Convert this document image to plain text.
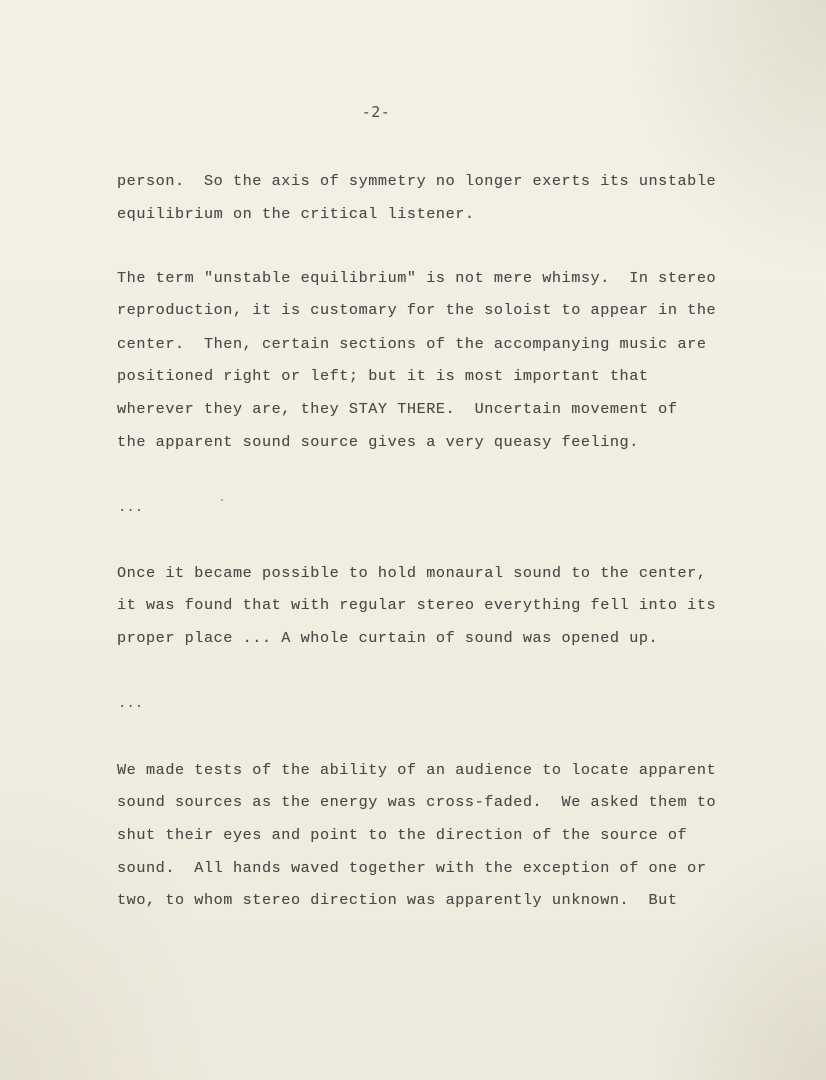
-2-
person.  So the axis of symmetry no longer exerts its unstable
equilibrium on the critical listener.
The term "unstable equilibrium" is not mere whimsy.  In stereo
reproduction, it is customary for the soloist to appear in the
center.  Then, certain sections of the accompanying music are
positioned right or left; but it is most important that
wherever they are, they STAY THERE.  Uncertain movement of
the apparent sound source gives a very queasy feeling.
...
Once it became possible to hold monaural sound to the center,
it was found that with regular stereo everything fell into its
proper place ... A whole curtain of sound was opened up.
...
We made tests of the ability of an audience to locate apparent
sound sources as the energy was cross-faded.  We asked them to
shut their eyes and point to the direction of the source of
sound.  All hands waved together with the exception of one or
two, to whom stereo direction was apparently unknown.  But
